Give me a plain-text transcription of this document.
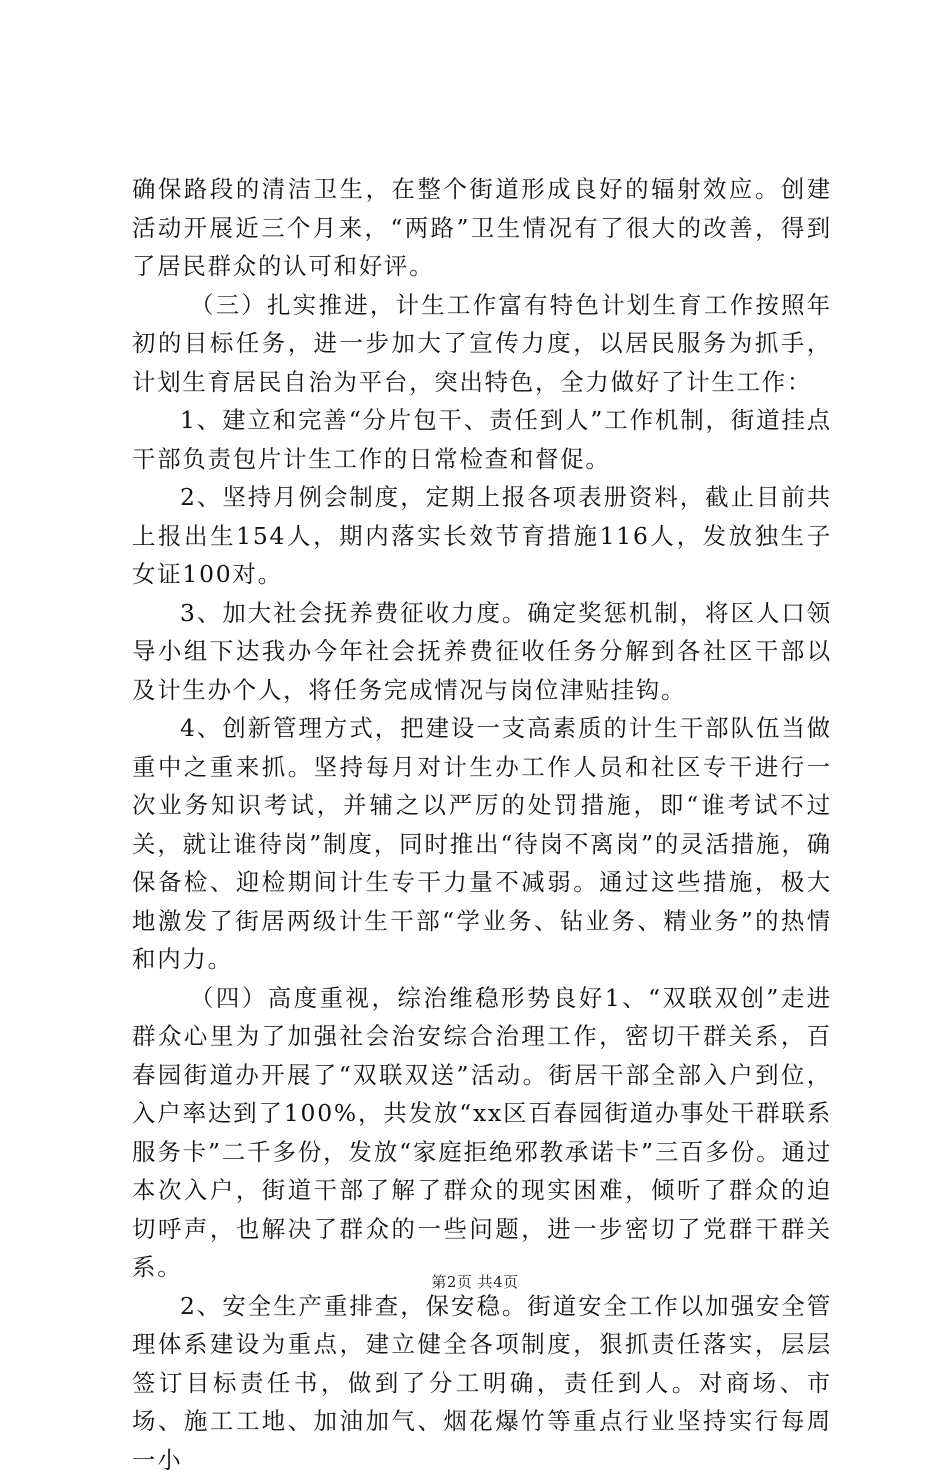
确保路段的清洁卫生，在整个街道形成良好的辐射效应。创建活动开展近三个月来，“两路”卫生情况有了很大的改善，得到了居民群众的认可和好评。

（三）扎实推进，计生工作富有特色计划生育工作按照年初的目标任务，进一步加大了宣传力度，以居民服务为抓手，计划生育居民自治为平台，突出特色，全力做好了计生工作：

1、建立和完善“分片包干、责任到人”工作机制，街道挂点干部负责包片计生工作的日常检查和督促。

2、坚持月例会制度，定期上报各项表册资料，截止目前共上报出生154人，期内落实长效节育措施116人，发放独生子女证100对。

3、加大社会抚养费征收力度。确定奖惩机制，将区人口领导小组下达我办今年社会抚养费征收任务分解到各社区干部以及计生办个人，将任务完成情况与岗位津贴挂钩。

4、创新管理方式，把建设一支高素质的计生干部队伍当做重中之重来抓。坚持每月对计生办工作人员和社区专干进行一次业务知识考试，并辅之以严厉的处罚措施，即“谁考试不过关，就让谁待岗”制度，同时推出“待岗不离岗”的灵活措施，确保备检、迎检期间计生专干力量不减弱。通过这些措施，极大地激发了街居两级计生干部“学业务、钻业务、精业务”的热情和内力。

（四）高度重视，综治维稳形势良好1、“双联双创”走进群众心里为了加强社会治安综合治理工作，密切干群关系，百春园街道办开展了“双联双送”活动。街居干部全部入户到位，入户率达到了100%，共发放“xx区百春园街道办事处干群联系服务卡”二千多份，发放“家庭拒绝邪教承诺卡”三百多份。通过本次入户，街道干部了解了群众的现实困难，倾听了群众的迫切呼声，也解决了群众的一些问题，进一步密切了党群干群关系。

2、安全生产重排查，保安稳。街道安全工作以加强安全管理体系建设为重点，建立健全各项制度，狠抓责任落实，层层签订目标责任书，做到了分工明确，责任到人。对商场、市场、施工工地、加油加气、烟花爆竹等重点行业坚持实行每周一小

第2页 共4页
